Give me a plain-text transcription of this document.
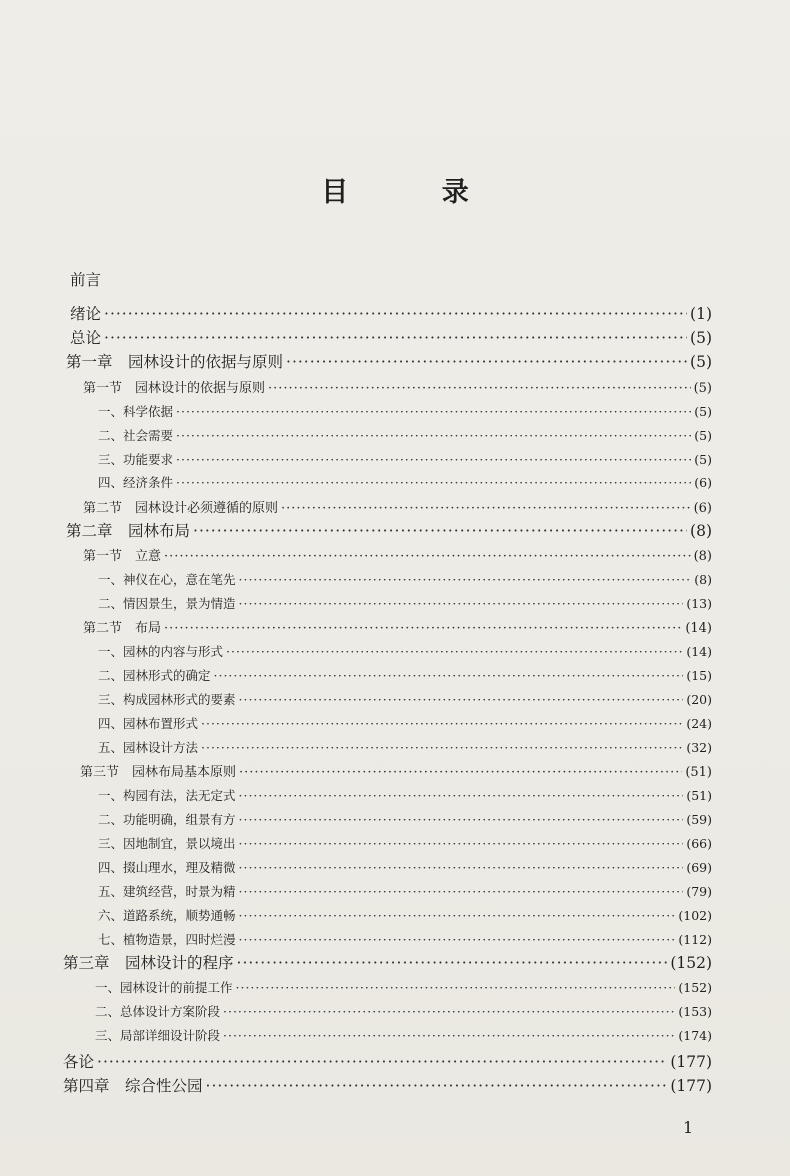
目 录
前言
绪论 ·····	(1)
总论 ·····	(5)
第一章　园林设计的依据与原则 ·····	(5)
第一节　园林设计的依据与原则 ·····	(5)
一、科学依据 ·····	(5)
二、社会需要 ·····	(5)
三、功能要求 ·····	(5)
四、经济条件 ·····	(6)
第二节　园林设计必须遵循的原则 ·····	(6)
第二章　园林布局 ·····	(8)
第一节　立意 ·····	(8)
一、神仪在心，意在笔先 ·····	(8)
二、情因景生，景为情造 ·····	(13)
第二节　布局 ·····	(14)
一、园林的内容与形式 ·····	(14)
二、园林形式的确定 ·····	(15)
三、构成园林形式的要素 ·····	(20)
四、园林布置形式 ·····	(24)
五、园林设计方法 ·····	(32)
第三节　园林布局基本原则 ·····	(51)
一、构园有法，法无定式 ·····	(51)
二、功能明确，组景有方 ·····	(59)
三、因地制宜，景以境出 ·····	(66)
四、掇山理水，理及精微 ·····	(69)
五、建筑经营，时景为精 ·····	(79)
六、道路系统，顺势通畅 ·····	(102)
七、植物造景，四时烂漫 ·····	(112)
第三章　园林设计的程序 ·····	(152)
一、园林设计的前提工作 ·····	(152)
二、总体设计方案阶段 ·····	(153)
三、局部详细设计阶段 ·····	(174)
各论 ·····	(177)
第四章　综合性公园 ·····	(177)
1
